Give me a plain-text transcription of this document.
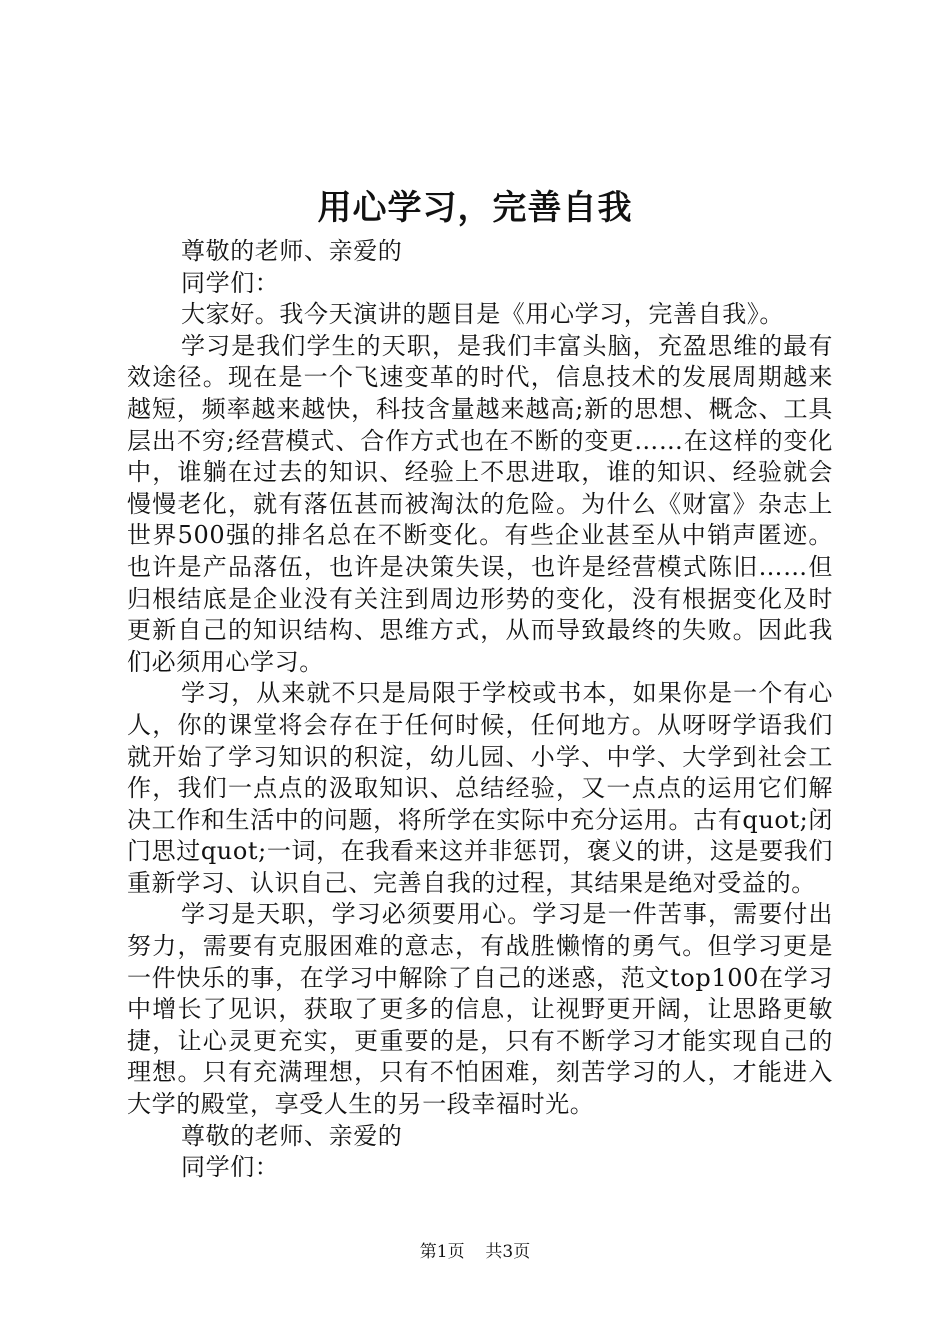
用心学习，完善自我

尊敬的老师、亲爱的

同学们：

大家好。我今天演讲的题目是《用心学习，完善自我》。

学习是我们学生的天职，是我们丰富头脑，充盈思维的最有效途径。现在是一个飞速变革的时代，信息技术的发展周期越来越短，频率越来越快，科技含量越来越高;新的思想、概念、工具层出不穷;经营模式、合作方式也在不断的变更……在这样的变化中，谁躺在过去的知识、经验上不思进取，谁的知识、经验就会慢慢老化，就有落伍甚而被淘汰的危险。为什么《财富》杂志上世界500强的排名总在不断变化。有些企业甚至从中销声匿迹。也许是产品落伍，也许是决策失误，也许是经营模式陈旧……但归根结底是企业没有关注到周边形势的变化，没有根据变化及时更新自己的知识结构、思维方式，从而导致最终的失败。因此我们必须用心学习。

学习，从来就不只是局限于学校或书本，如果你是一个有心人，你的课堂将会存在于任何时候，任何地方。从呀呀学语我们就开始了学习知识的积淀，幼儿园、小学、中学、大学到社会工作，我们一点点的汲取知识、总结经验，又一点点的运用它们解决工作和生活中的问题，将所学在实际中充分运用。古有quot;闭门思过quot;一词，在我看来这并非惩罚，褒义的讲，这是要我们重新学习、认识自己、完善自我的过程，其结果是绝对受益的。

学习是天职，学习必须要用心。学习是一件苦事，需要付出努力，需要有克服困难的意志，有战胜懒惰的勇气。但学习更是一件快乐的事，在学习中解除了自己的迷惑，范文top100在学习中增长了见识，获取了更多的信息，让视野更开阔，让思路更敏捷，让心灵更充实，更重要的是，只有不断学习才能实现自己的理想。只有充满理想，只有不怕困难，刻苦学习的人，才能进入大学的殿堂，享受人生的另一段幸福时光。

尊敬的老师、亲爱的

同学们：

第1页 共3页
